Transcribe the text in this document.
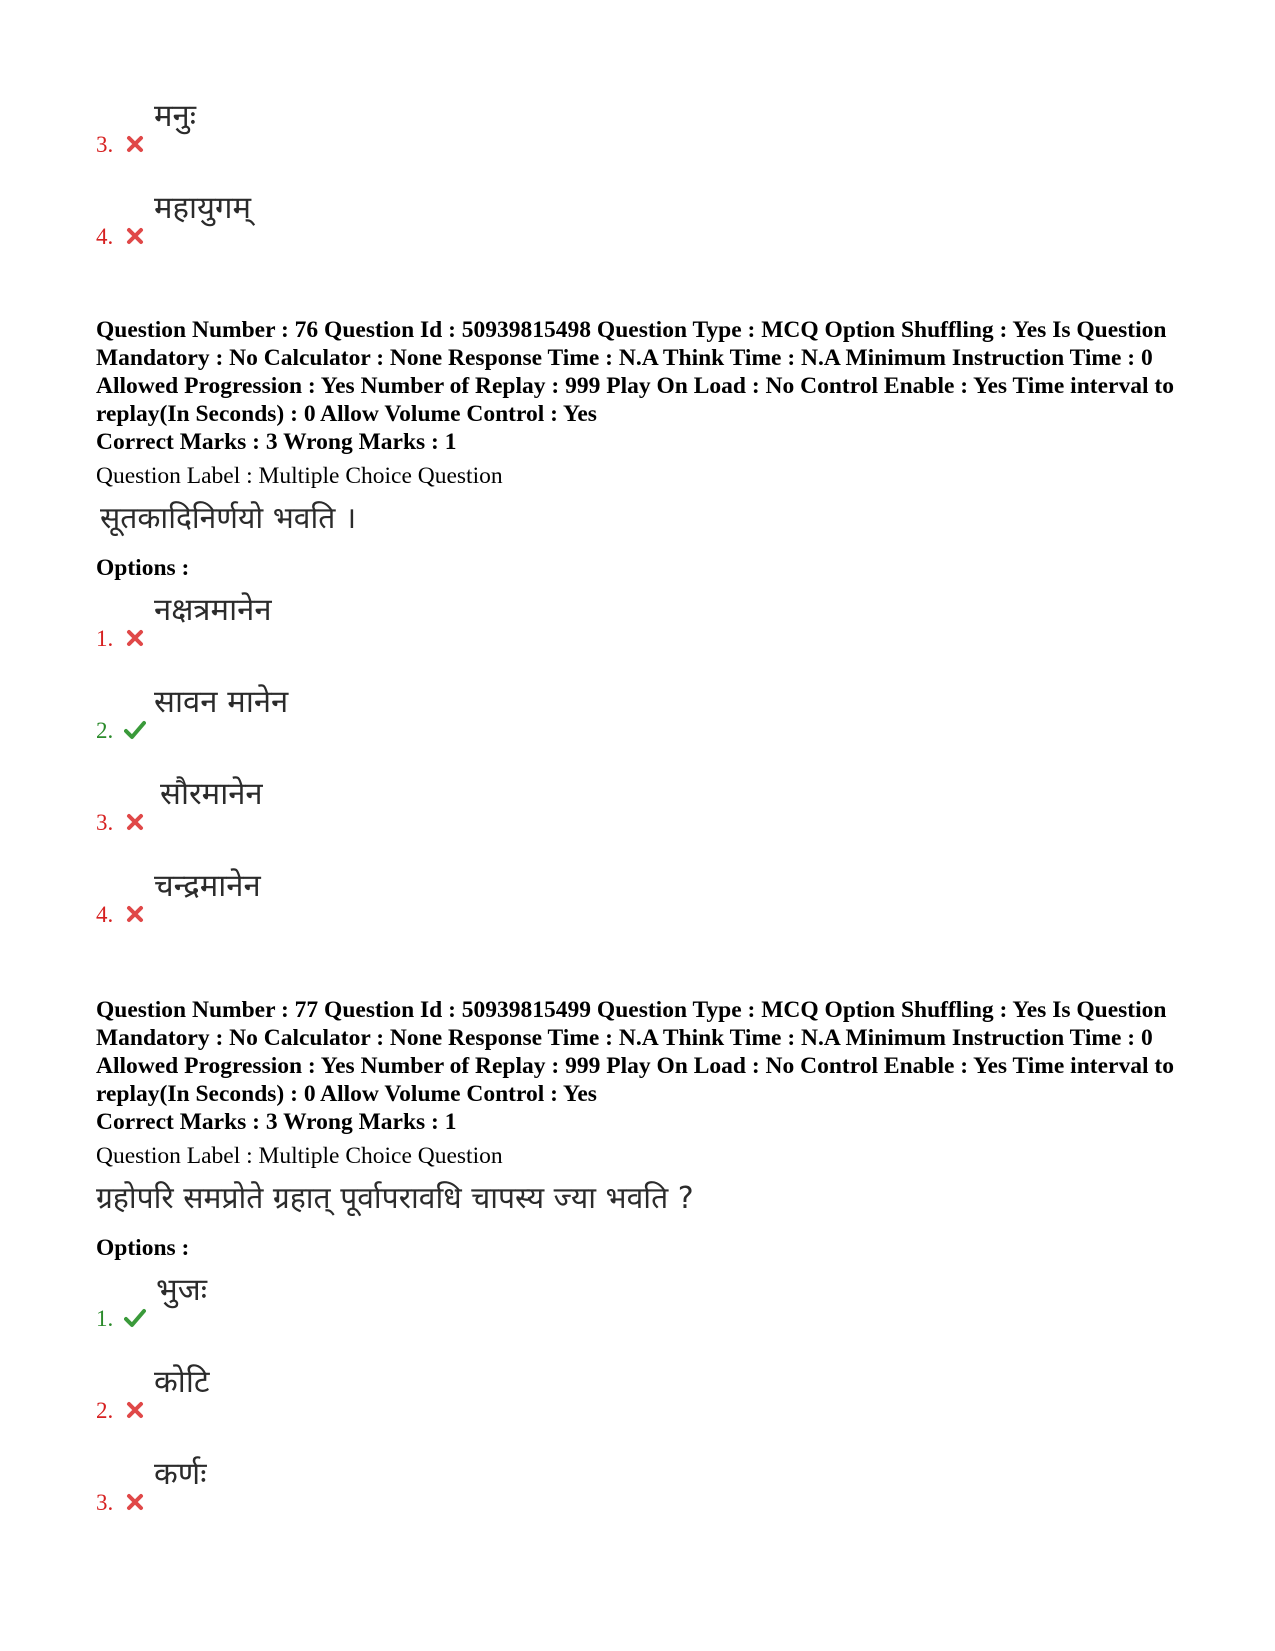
3.
मनुः
4.
महायुगम्
Question Number : 76 Question Id : 50939815498 Question Type : MCQ Option Shuffling : Yes Is Question Mandatory : No Calculator : None Response Time : N.A Think Time : N.A Minimum Instruction Time : 0 Allowed Progression : Yes Number of Replay : 999 Play On Load : No Control Enable : Yes Time interval to replay(In Seconds) : 0 Allow Volume Control : Yes
Correct Marks : 3 Wrong Marks : 1
Question Label : Multiple Choice Question
सूतकादिनिर्णयो भवति ।
Options :
1.
नक्षत्रमानेन
2.
सावन मानेन
3.
सौरमानेन
4.
चन्द्रमानेन
Question Number : 77 Question Id : 50939815499 Question Type : MCQ Option Shuffling : Yes Is Question Mandatory : No Calculator : None Response Time : N.A Think Time : N.A Minimum Instruction Time : 0 Allowed Progression : Yes Number of Replay : 999 Play On Load : No Control Enable : Yes Time interval to replay(In Seconds) : 0 Allow Volume Control : Yes
Correct Marks : 3 Wrong Marks : 1
Question Label : Multiple Choice Question
ग्रहोपरि समप्रोते ग्रहात् पूर्वापरावधि चापस्य ज्या भवति ?
Options :
1.
भुजः
2.
कोटि
3.
कर्णः
